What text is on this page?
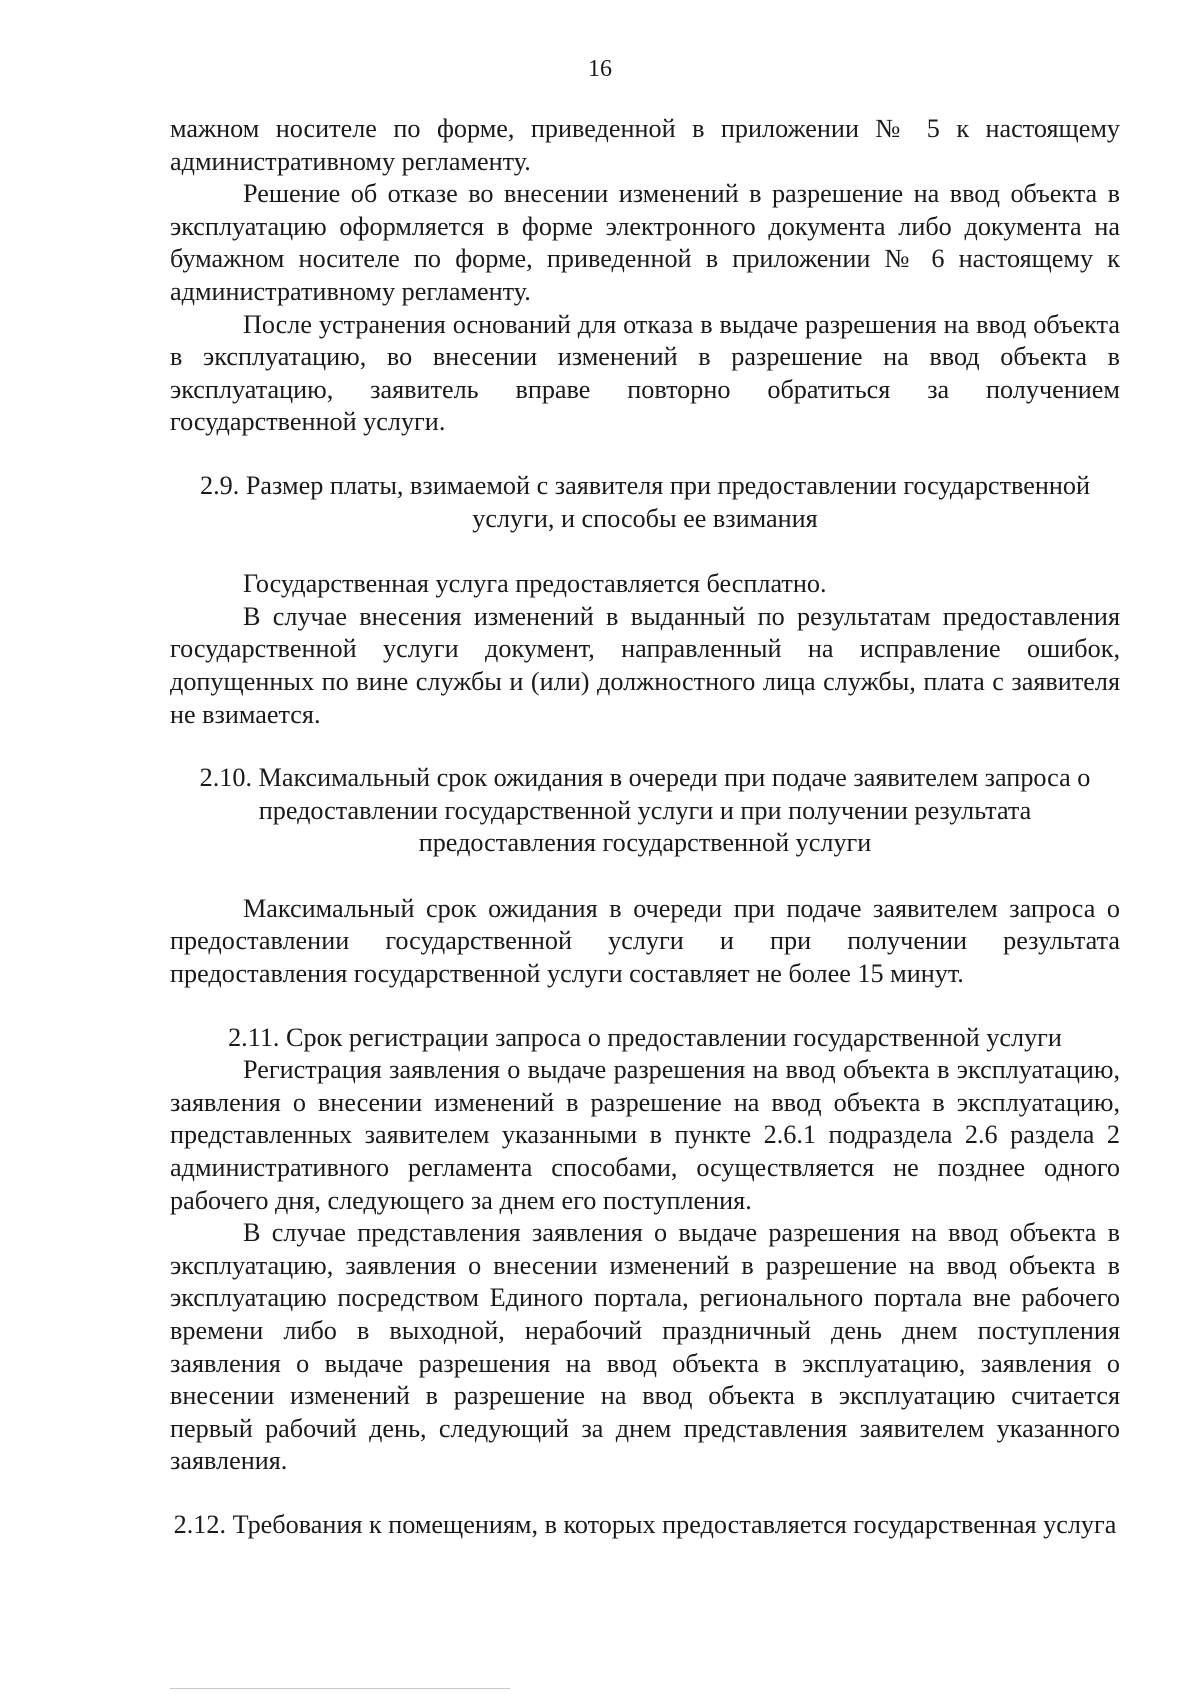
16

мажном носителе по форме, приведенной в приложении № 5 к настоящему административному регламенту.

Решение об отказе во внесении изменений в разрешение на ввод объекта в эксплуатацию оформляется в форме электронного документа либо документа на бумажном носителе по форме, приведенной в приложении № 6 настоящему к административному регламенту.

После устранения оснований для отказа в выдаче разрешения на ввод объекта в эксплуатацию, во внесении изменений в разрешение на ввод объекта в эксплуатацию, заявитель вправе повторно обратиться за получением государственной услуги.

2.9. Размер платы, взимаемой с заявителя при предоставлении государственной услуги, и способы ее взимания

Государственная услуга предоставляется бесплатно.

В случае внесения изменений в выданный по результатам предоставления государственной услуги документ, направленный на исправление ошибок, допущенных по вине службы и (или) должностного лица службы, плата с заявителя не взимается.

2.10. Максимальный срок ожидания в очереди при подаче заявителем запроса о предоставлении государственной услуги и при получении результата предоставления государственной услуги

Максимальный срок ожидания в очереди при подаче заявителем запроса о предоставлении государственной услуги и при получении результата предоставления государственной услуги составляет не более 15 минут.

2.11. Срок регистрации запроса о предоставлении государственной услуги

Регистрация заявления о выдаче разрешения на ввод объекта в эксплуатацию, заявления о внесении изменений в разрешение на ввод объекта в эксплуатацию, представленных заявителем указанными в пункте 2.6.1 подраздела 2.6 раздела 2 административного регламента способами, осуществляется не позднее одного рабочего дня, следующего за днем его поступления.

В случае представления заявления о выдаче разрешения на ввод объекта в эксплуатацию, заявления о внесении изменений в разрешение на ввод объекта в эксплуатацию посредством Единого портала, регионального портала вне рабочего времени либо в выходной, нерабочий праздничный день днем поступления заявления о выдаче разрешения на ввод объекта в эксплуатацию, заявления о внесении изменений в разрешение на ввод объекта в эксплуатацию считается первый рабочий день, следующий за днем представления заявителем указанного заявления.

2.12. Требования к помещениям, в которых предоставляется государственная услуга
